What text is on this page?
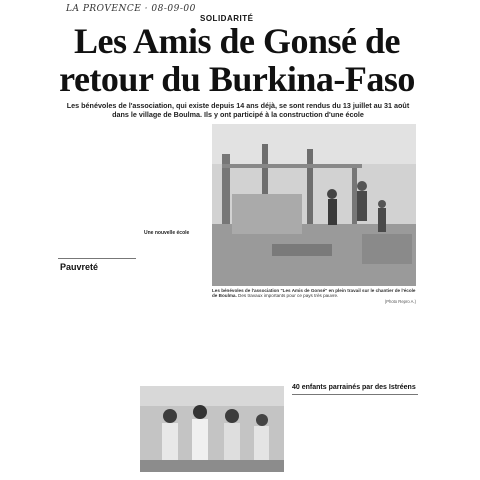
LA PROVENCE · 08-09-00
SOLIDARITÉ
Les Amis de Gonsé de
retour du Burkina-Faso
Les bénévoles de l'association, qui existe depuis 14 ans déjà, se sont rendus du 13 juillet au 31 août dans le village de Boulma. Ils y ont participé à la construction d'une école
Pauvreté
Une nouvelle école
Les bénévoles de l'association "Les Amis de Gonsé" en plein travail sur le chantier de l'école de Boulma. Des travaux importants pour ce pays très pauvre.
(Photo Repro A.)
40 enfants parrainés par des Istréens
